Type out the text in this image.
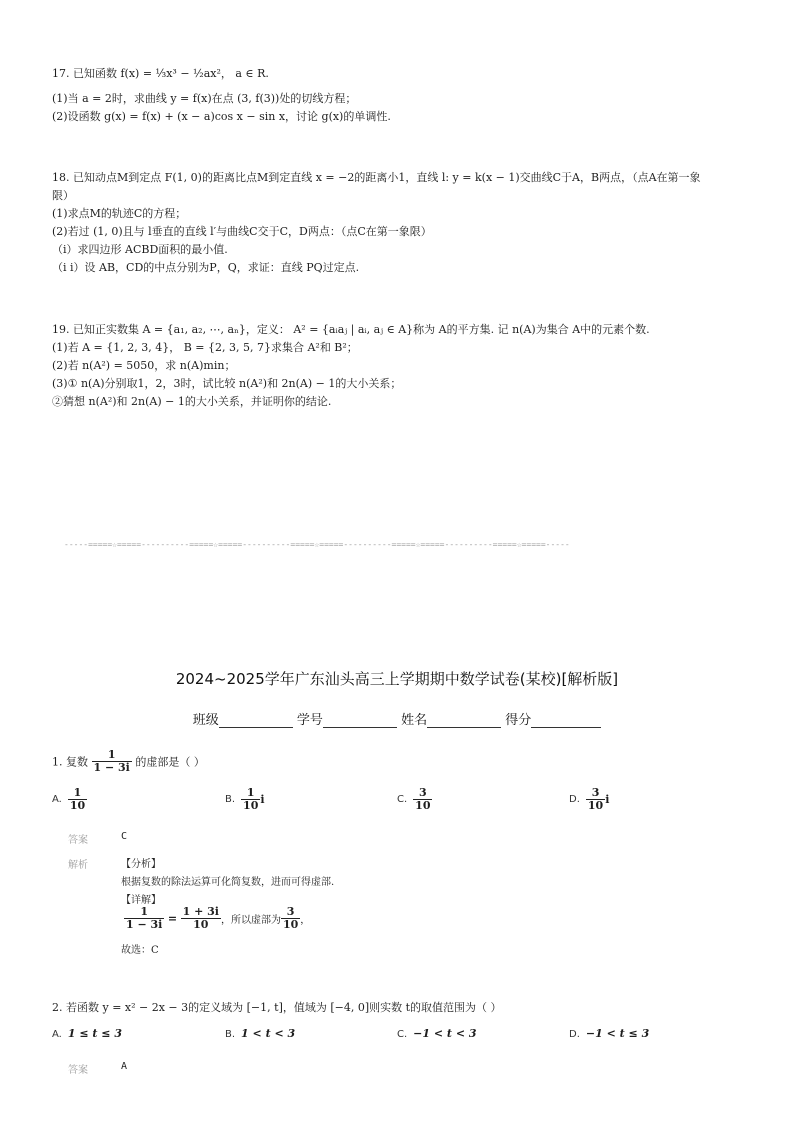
17. 已知函数 f(x) = ⅓x³ − ½ax²， a ∈ R.
(1)当 a = 2时，求曲线 y = f(x)在点 (3, f(3))处的切线方程；
(2)设函数 g(x) = f(x) + (x − a)cos x − sin x，讨论 g(x)的单调性.
18. 已知动点M到定点 F(1, 0)的距离比点M到定直线 x = −2的距离小1，直线 l: y = k(x − 1)交曲线C于A，B两点，（点A在第一象
限）
(1)求点M的轨迹C的方程；
(2)若过 (1, 0)且与 l垂直的直线 l′与曲线C交于C，D两点：（点C在第一象限）
（i）求四边形 ACBD面积的最小值.
（i i）设 AB，CD的中点分别为P，Q，求证：直线 PQ过定点.
19. 已知正实数集 A = {a₁, a₂, ⋯, aₙ}，定义： A² = {aᵢaⱼ | aᵢ, aⱼ ∈ A}称为 A的平方集. 记 n(A)为集合 A中的元素个数.
(1)若 A = {1, 2, 3, 4}， B = {2, 3, 5, 7}求集合 A²和 B²；
(2)若 n(A²) = 5050，求 n(A)min；
(3)① n(A)分别取1，2，3时，试比较 n(A²)和 2n(A) − 1的大小关系；
②猜想 n(A²)和 2n(A) − 1的大小关系，并证明你的结论.
-----=====☆=====----------=====☆=====----------=====☆=====----------=====☆=====----------=====☆=====-----
2024~2025学年广东汕头高三上学期期中数学试卷(某校)[解析版]
班级	学号	姓名	得分
1. 复数 $\frac{1}{1 - 3i}$ 的虚部是（ ）
A. $\frac{1}{10}$	B. $\frac{1}{10}$ i	C. $\frac{3}{10}$	D. $\frac{3}{10}$ i
答案	C
解析	【分析】
根据复数的除法运算可化简复数，进而可得虚部.
【详解】
$\frac{1}{1 - 3i} = \frac{1 + 3i}{10}$ ，所以虚部为 $\frac{3}{10}$ ，
故选：C
2. 若函数 y = x² − 2x − 3的定义域为 [−1, t]，值域为 [−4, 0]则实数 t的取值范围为（ ）
A. 1 ≤ t ≤ 3	B. 1 < t < 3	C. −1 < t < 3	D. −1 < t ≤ 3
答案	A
